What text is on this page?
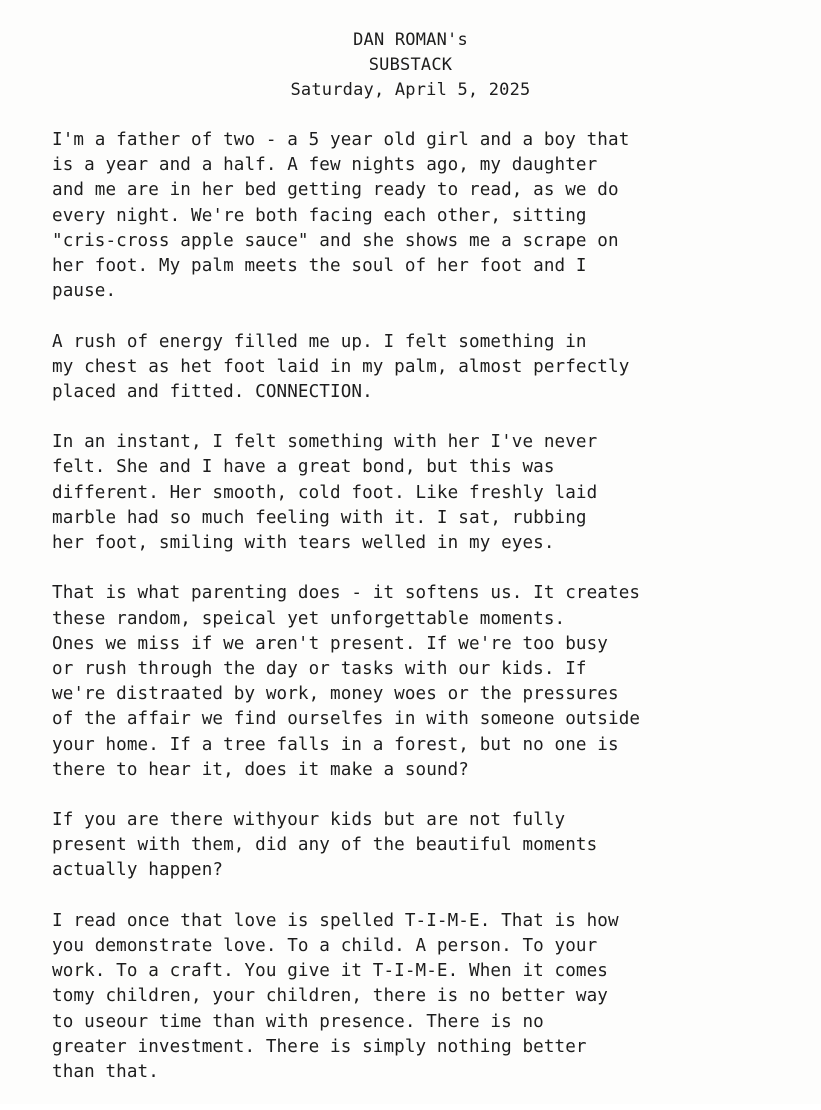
DAN ROMAN's
SUBSTACK
Saturday, April 5, 2025
I'm a father of two - a 5 year old girl and a boy that
is a year and a half. A few nights ago, my daughter
and me are in her bed getting ready to read, as we do
every night. We're both facing each other, sitting
"cris-cross apple sauce" and she shows me a scrape on
her foot. My palm meets the soul of her foot and I
pause.
A rush of energy filled me up. I felt something in
my chest as het foot laid in my palm, almost perfectly
placed and fitted. CONNECTION.
In an instant, I felt something with her I've never
felt. She and I have a great bond, but this was
different. Her smooth, cold foot. Like freshly laid
marble had so much feeling with it. I sat, rubbing
her foot, smiling with tears welled in my eyes.
That is what parenting does - it softens us. It creates
these random, speical yet unforgettable moments.
Ones we miss if we aren't present. If we're too busy
or rush through the day or tasks with our kids. If
we're distraated by work, money woes or the pressures
of the affair we find ourselfes in with someone outside
your home. If a tree falls in a forest, but no one is
there to hear it, does it make a sound?
If you are there withyour kids but are not fully
present with them, did any of the beautiful moments
actually happen?
I read once that love is spelled T-I-M-E. That is how
you demonstrate love. To a child. A person. To your
work. To a craft. You give it T-I-M-E. When it comes
tomy children, your children, there is no better way
to useour time than with presence. There is no
greater investment. There is simply nothing better
than that.
